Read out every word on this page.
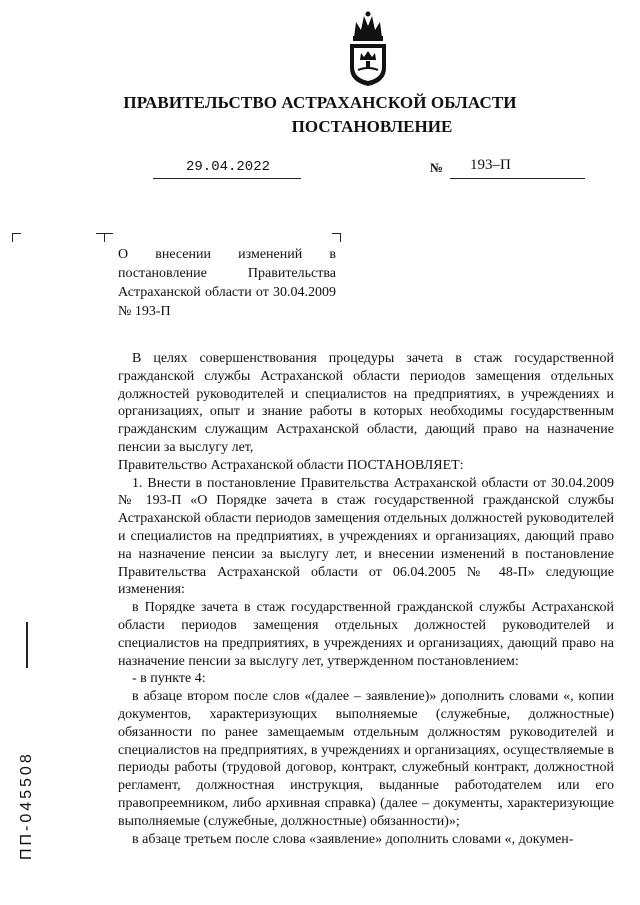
ПРАВИТЕЛЬСТВО АСТРАХАНСКОЙ ОБЛАСТИ
ПОСТАНОВЛЕНИЕ
29.04.2022	№ 193–П
О внесении изменений в постановление Правительства Астраханской области от 30.04.2009 № 193-П

В целях совершенствования процедуры зачета в стаж государственной гражданской службы Астраханской области периодов замещения отдельных должностей руководителей и специалистов на предприятиях, в учреждениях и организациях, опыт и знание работы в которых необходимы государственным гражданским служащим Астраханской области, дающий право на назначение пенсии за выслугу лет,

Правительство Астраханской области ПОСТАНОВЛЯЕТ:

1. Внести в постановление Правительства Астраханской области от 30.04.2009 № 193-П «О Порядке зачета в стаж государственной гражданской службы Астраханской области периодов замещения отдельных должностей руководителей и специалистов на предприятиях, в учреждениях и организациях, дающий право на назначение пенсии за выслугу лет, и внесении изменений в постановление Правительства Астраханской области от 06.04.2005 № 48-П» следующие изменения:

в Порядке зачета в стаж государственной гражданской службы Астраханской области периодов замещения отдельных должностей руководителей и специалистов на предприятиях, в учреждениях и организациях, дающий право на назначение пенсии за выслугу лет, утвержденном постановлением:

- в пункте 4:

в абзаце втором после слов «(далее – заявление)» дополнить словами «, копии документов, характеризующих выполняемые (служебные, должностные) обязанности по ранее замещаемым отдельным должностям руководителей и специалистов на предприятиях, в учреждениях и организациях, осуществляемые в периоды работы (трудовой договор, контракт, служебный контракт, должностной регламент, должностная инструкция, выданные работодателем или его правопреемником, либо архивная справка) (далее – документы, характеризующие выполняемые (служебные, должностные) обязанности)»;

в абзаце третьем после слова «заявление» дополнить словами «, докумен-

ПП-045508
